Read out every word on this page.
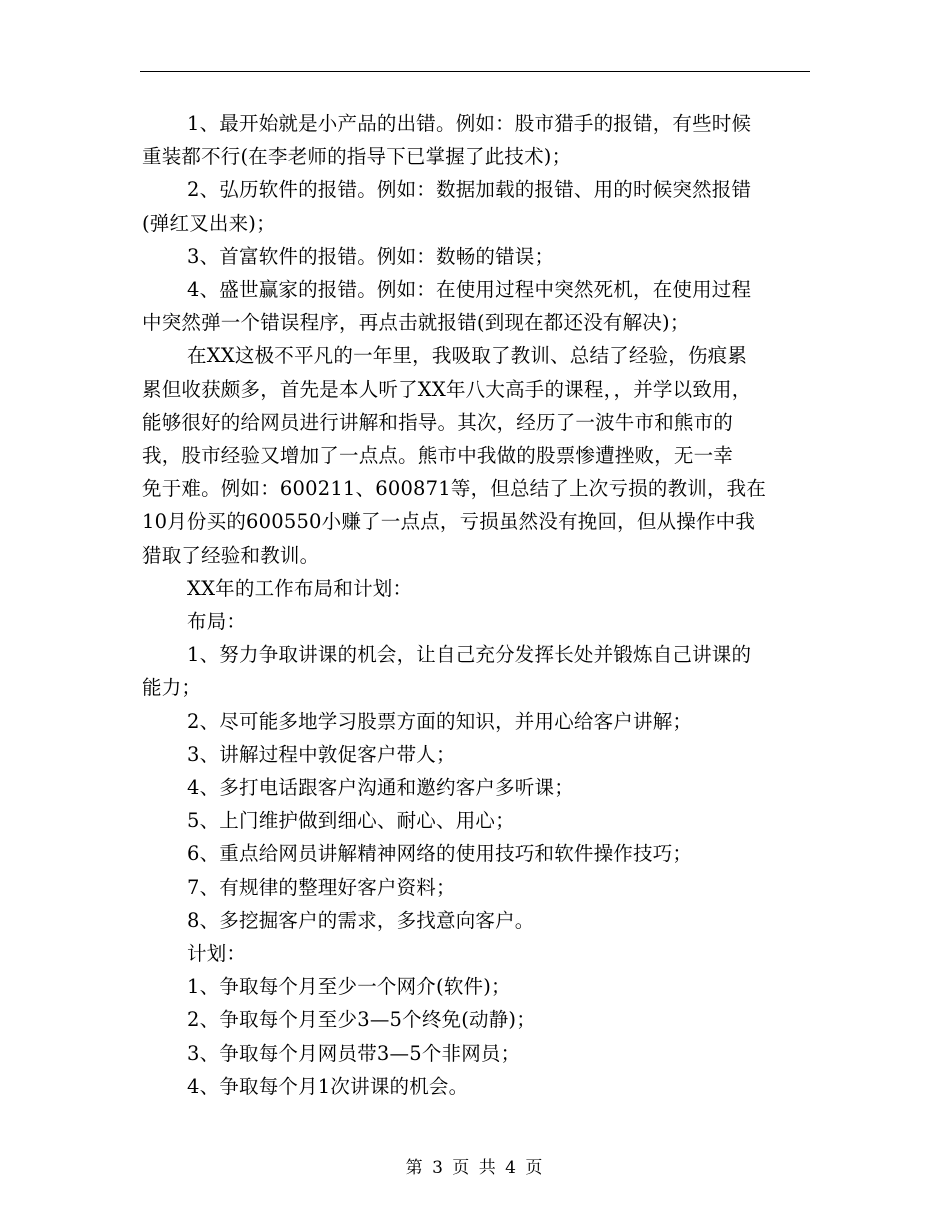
1、最开始就是小产品的出错。例如：股市猎手的报错，有些时候

重装都不行(在李老师的指导下已掌握了此技术)；

2、弘历软件的报错。例如：数据加载的报错、用的时候突然报错

(弹红叉出来)；

3、首富软件的报错。例如：数畅的错误；

4、盛世赢家的报错。例如：在使用过程中突然死机，在使用过程

中突然弹一个错误程序，再点击就报错(到现在都还没有解决)；

在XX这极不平凡的一年里，我吸取了教训、总结了经验，伤痕累

累但收获颇多，首先是本人听了XX年八大高手的课程，，并学以致用，

能够很好的给网员进行讲解和指导。其次，经历了一波牛市和熊市的

我，股市经验又增加了一点点。熊市中我做的股票惨遭挫败，无一幸

免于难。例如：600211、600871等，但总结了上次亏损的教训，我在

10月份买的600550小赚了一点点，亏损虽然没有挽回，但从操作中我

猎取了经验和教训。

XX年的工作布局和计划：

布局：

1、努力争取讲课的机会，让自己充分发挥长处并锻炼自己讲课的

能力；

2、尽可能多地学习股票方面的知识，并用心给客户讲解；

3、讲解过程中敦促客户带人；

4、多打电话跟客户沟通和邀约客户多听课；

5、上门维护做到细心、耐心、用心；

6、重点给网员讲解精神网络的使用技巧和软件操作技巧；

7、有规律的整理好客户资料；

8、多挖掘客户的需求，多找意向客户。

计划：

1、争取每个月至少一个网介(软件)；

2、争取每个月至少3—5个终免(动静)；

3、争取每个月网员带3—5个非网员；

4、争取每个月1次讲课的机会。

第 3 页 共 4 页
